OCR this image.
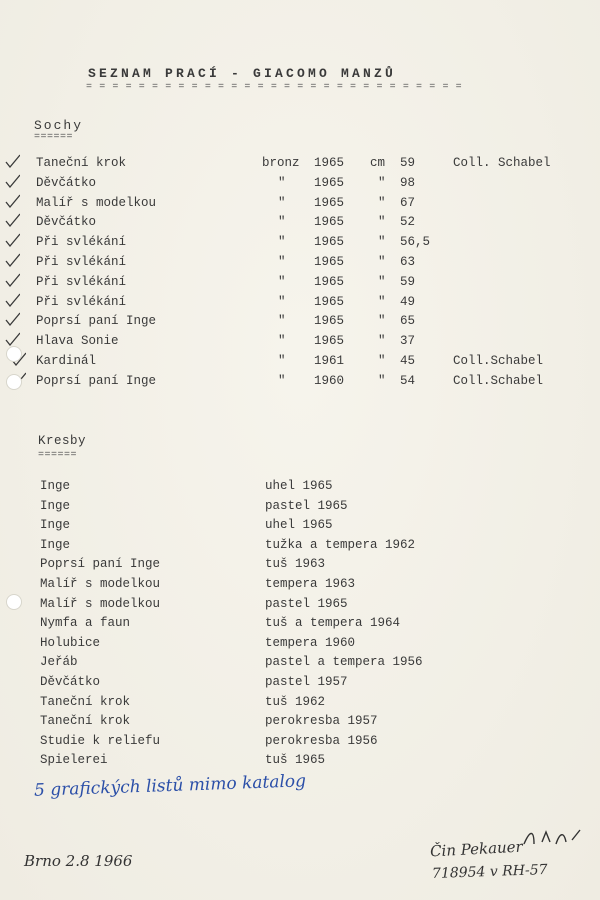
SEZNAM PRACÍ - GIACOMO MANZŮ
= = = = = = = = = = = = = = = = = = = = = = = = = = = = =
Sochy
======
Taneční krok	bronz 1965 cm 59	Coll. Schabel
Děvčátko	" 1965	" 98
Malíř s modelkou	" 1965	" 67
Děvčátko	" 1965	" 52
Při svlékání	" 1965	" 56,5
Při svlékání	" 1965	" 63
Při svlékání	" 1965	" 59
Při svlékání	" 1965	" 49
Poprsí paní Inge	" 1965	" 65
Hlava Sonie	" 1965	" 37
Kardinál	" 1961	" 45	Coll.Schabel
Poprsí paní Inge	" 1960	" 54	Coll.Schabel
Kresby
======
Inge	uhel 1965
Inge	pastel 1965
Inge	uhel 1965
Inge	tužka a tempera 1962
Poprsí paní Inge	tuš 1963
Malíř s modelkou	tempera 1963
Malíř s modelkou	pastel 1965
Nymfa a faun	tuš a tempera 1964
Holubice	tempera 1960
Jeřáb	pastel a tempera 1956
Děvčátko	pastel 1957
Taneční krok	tuš 1962
Taneční krok	perokresba 1957
Studie k reliefu	perokresba 1956
Spielerei	tuš 1965
5 grafických listů mimo katalog
Brno 2.8 1966
Čin Pekauer
718954 v RH-57
